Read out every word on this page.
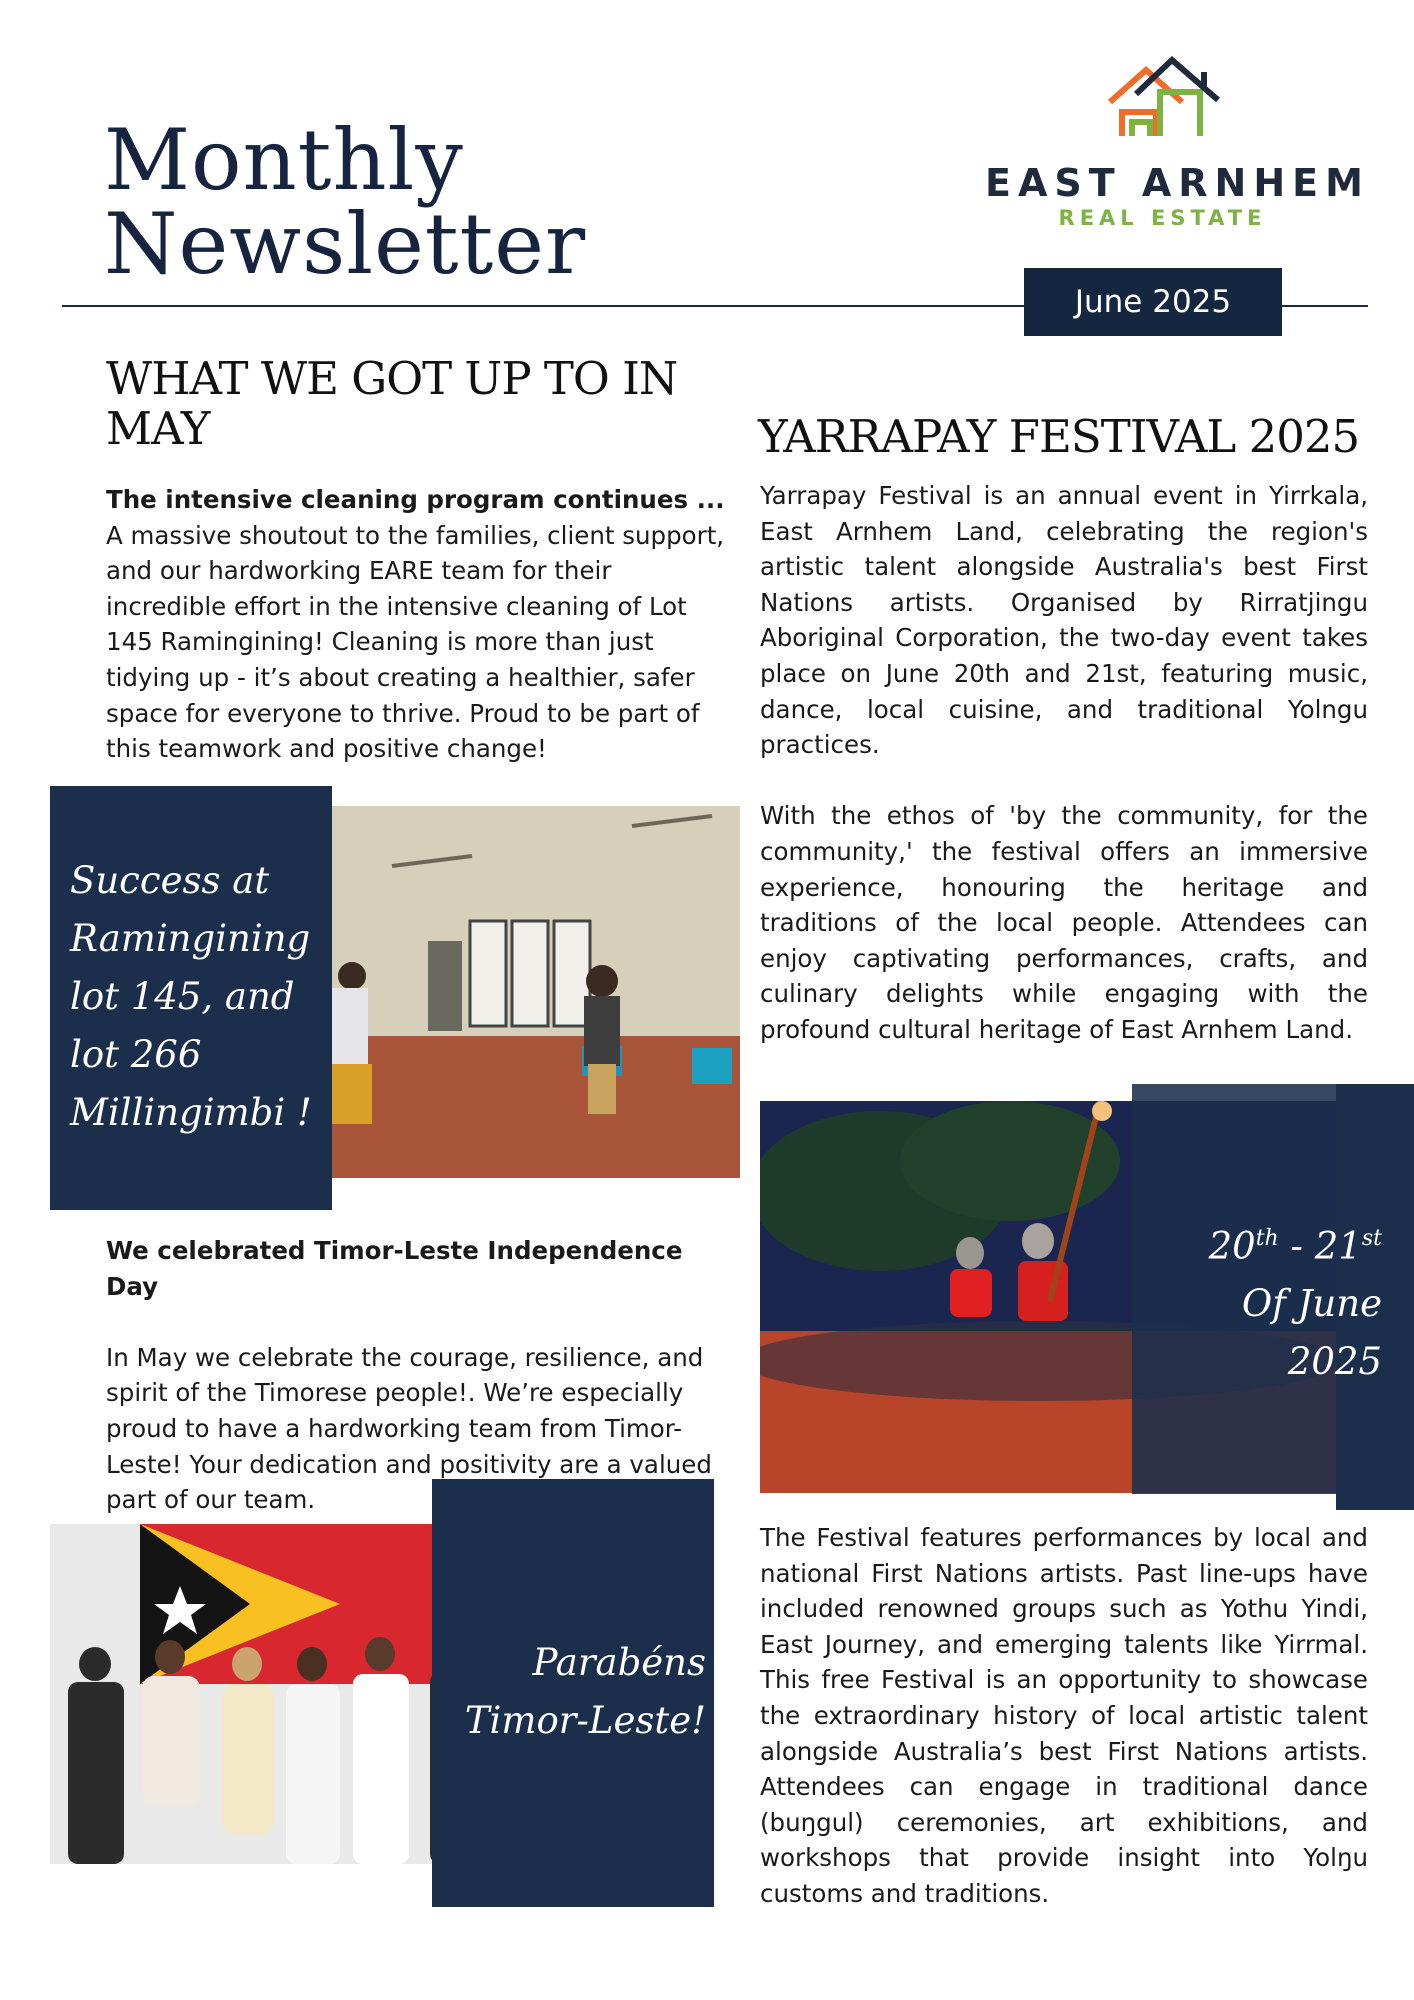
Monthly
Newsletter
EAST ARNHEM
REAL ESTATE
June 2025
WHAT WE GOT UP TO IN MAY

The intensive cleaning program continues ...

A massive shoutout to the families, client support, and our hardworking EARE team for their incredible effort in the intensive cleaning of Lot 145 Ramingining! Cleaning is more than just tidying up - it’s about creating a healthier, safer space for everyone to thrive. Proud to be part of this teamwork and positive change!

Success at Ramingining lot 145, and lot 266 Millingimbi !

We celebrated Timor-Leste Independence Day

In May we celebrate the courage, resilience, and spirit of the Timorese people!. We’re especially proud to have a hardworking team from Timor-Leste! Your dedication and positivity are a valued part of our team.

Parabéns
Timor-Leste!
YARRAPAY FESTIVAL 2025

Yarrapay Festival is an annual event in Yirrkala, East Arnhem Land, celebrating the region's artistic talent alongside Australia's best First Nations artists. Organised by Rirratjingu Aboriginal Corporation, the two-day event takes place on June 20th and 21st, featuring music, dance, local cuisine, and traditional Yolngu practices.

With the ethos of 'by the community, for the community,' the festival offers an immersive experience, honouring the heritage and traditions of the local people. Attendees can enjoy captivating performances, crafts, and culinary delights while engaging with the profound cultural heritage of East Arnhem Land.

20th - 21st
Of June
2025

The Festival features performances by local and national First Nations artists. Past line-ups have included renowned groups such as Yothu Yindi, East Journey, and emerging talents like Yirrmal. This free Festival is an opportunity to showcase the extraordinary history of local artistic talent alongside Australia’s best First Nations artists. Attendees can engage in traditional dance (buŋgul) ceremonies, art exhibitions, and workshops that provide insight into Yolŋu customs and traditions.
